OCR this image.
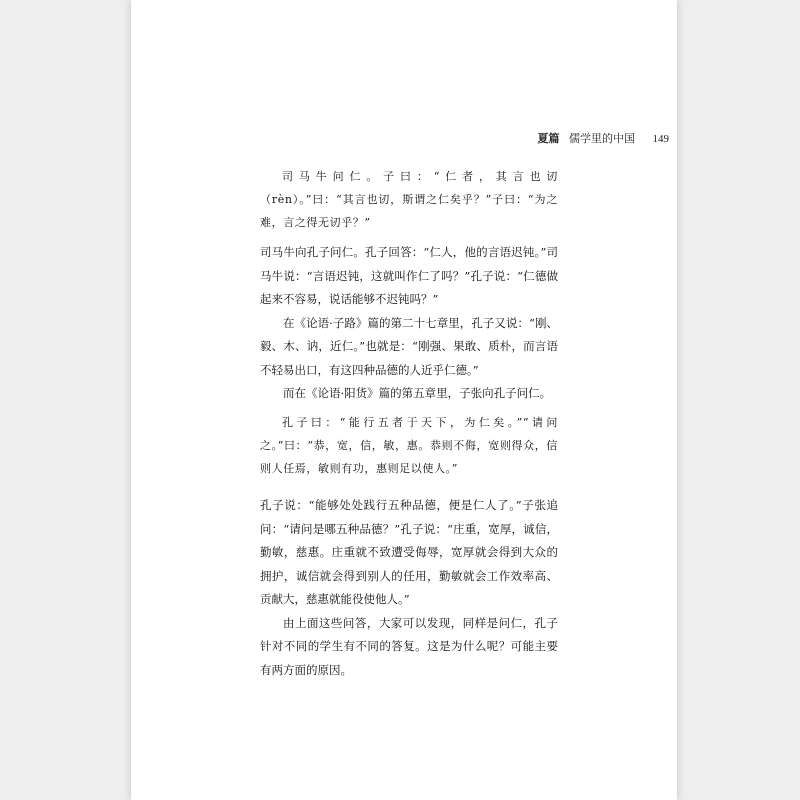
夏篇 儒学里的中国 149

司马牛问仁。子曰：“仁者，其言也讱（rèn）。”曰：“其言也讱，斯谓之仁矣乎？”子曰：“为之难，言之得无讱乎？”

司马牛向孔子问仁。孔子回答：“仁人，他的言语迟钝。”司马牛说：“言语迟钝，这就叫作仁了吗？”孔子说：“仁德做起来不容易，说话能够不迟钝吗？”

在《论语·子路》篇的第二十七章里，孔子又说：“刚、毅、木、讷，近仁。”也就是：“刚强、果敢、质朴，而言语不轻易出口，有这四种品德的人近乎仁德。”

而在《论语·阳货》篇的第五章里，子张向孔子问仁。

孔子曰：“能行五者于天下，为仁矣。”“请问之。”曰：“恭，宽，信，敏，惠。恭则不侮，宽则得众，信则人任焉，敏则有功，惠则足以使人。”

孔子说：“能够处处践行五种品德，便是仁人了。”子张追问：“请问是哪五种品德？”孔子说：“庄重，宽厚，诚信，勤敏，慈惠。庄重就不致遭受侮辱，宽厚就会得到大众的拥护，诚信就会得到别人的任用，勤敏就会工作效率高、贡献大，慈惠就能役使他人。”

由上面这些问答，大家可以发现，同样是问仁，孔子针对不同的学生有不同的答复。这是为什么呢？可能主要有两方面的原因。
